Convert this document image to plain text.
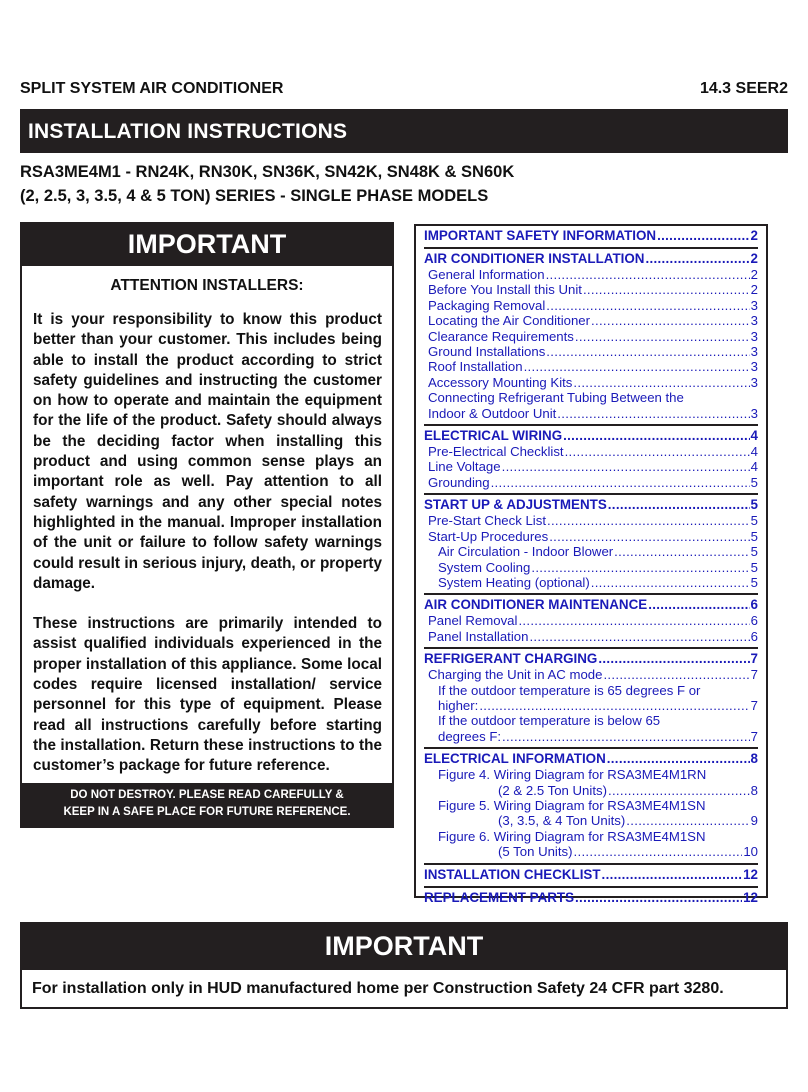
SPLIT SYSTEM AIR CONDITIONER	14.3 SEER2
INSTALLATION INSTRUCTIONS
RSA3ME4M1 - RN24K, RN30K, SN36K, SN42K, SN48K & SN60K
(2, 2.5, 3, 3.5, 4 & 5 TON) SERIES - SINGLE PHASE MODELS
IMPORTANT
ATTENTION INSTALLERS:

It is your responsibility to know this product better than your customer. This includes being able to install the product according to strict safety guidelines and instructing the customer on how to operate and maintain the equipment for the life of the product. Safety should always be the deciding factor when installing this product and using common sense plays an important role as well. Pay attention to all safety warnings and any other special notes highlighted in the manual. Improper installation of the unit or failure to follow safety warnings could result in serious injury, death, or property damage.

These instructions are primarily intended to assist qualified individuals experienced in the proper installation of this appliance. Some local codes require licensed installation/ service personnel for this type of equipment. Please read all instructions carefully before starting the installation. Return these instructions to the customer’s package for future reference.

DO NOT DESTROY. PLEASE READ CAREFULLY &
KEEP IN A SAFE PLACE FOR FUTURE REFERENCE.
IMPORTANT SAFETY INFORMATION .....	2
AIR CONDITIONER INSTALLATION .....	2
General Information .....	2
Before You Install this Unit .....	2
Packaging Removal .....	3
Locating the Air Conditioner .....	3
Clearance Requirements .....	3
Ground Installations .....	3
Roof Installation .....	3
Accessory Mounting Kits .....	3
Connecting Refrigerant Tubing Between the
Indoor & Outdoor Unit .....	3
ELECTRICAL WIRING .....	4
Pre-Electrical Checklist .....	4
Line Voltage .....	4
Grounding .....	5
START UP & ADJUSTMENTS .....	5
Pre-Start Check List .....	5
Start-Up Procedures .....	5
Air Circulation - Indoor Blower .....	5
System Cooling .....	5
System Heating (optional) .....	5
AIR CONDITIONER MAINTENANCE .....	6
Panel Removal .....	6
Panel Installation .....	6
REFRIGERANT CHARGING .....	7
Charging the Unit in AC mode .....	7
If the outdoor temperature is 65 degrees F or
higher: .....	7
If the outdoor temperature is below 65
degrees F: .....	7
ELECTRICAL INFORMATION .....	8
Figure 4. Wiring Diagram for RSA3ME4M1RN
(2 & 2.5 Ton Units) .....	8
Figure 5. Wiring Diagram for RSA3ME4M1SN
(3, 3.5, & 4 Ton Units) .....	9
Figure 6. Wiring Diagram for RSA3ME4M1SN
(5 Ton Units) .....	10
INSTALLATION CHECKLIST .....	12
REPLACEMENT PARTS .....	12
IMPORTANT
For installation only in HUD manufactured home per Construction Safety 24 CFR part 3280.
